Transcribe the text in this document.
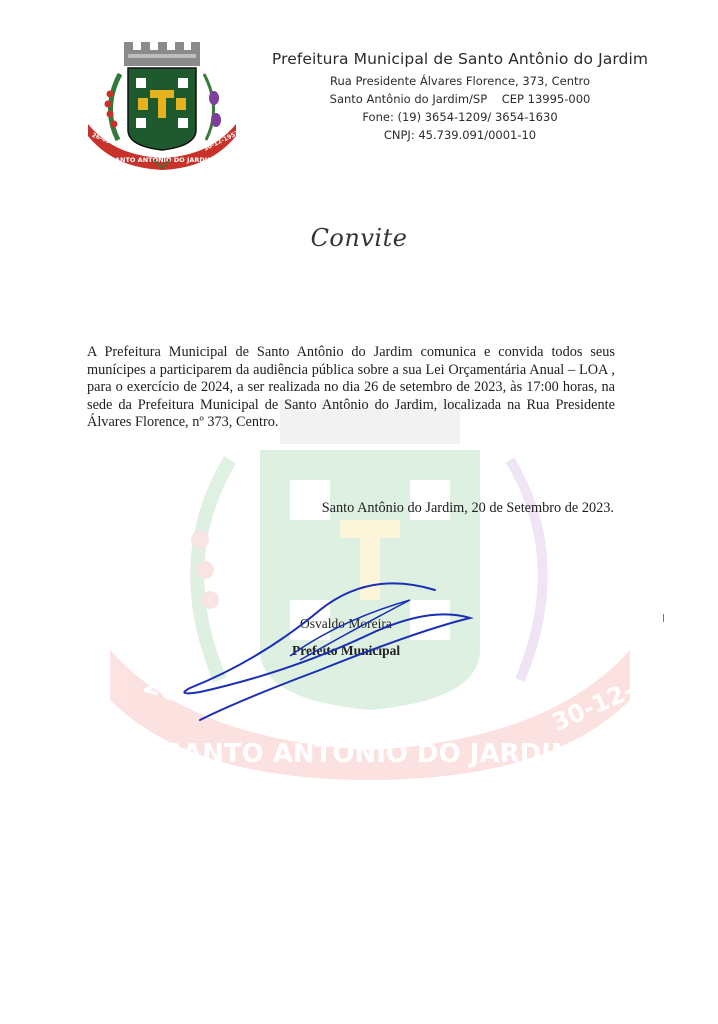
26-03-188
SANTO ANTÔNIO DO JARDIM
30-12-1953
26-03-1881
SANTO ANTÔNIO DO JARDIM
30-12-1953
Prefeitura Municipal de Santo Antônio do Jardim
Rua Presidente Álvares Florence, 373, Centro
Santo Antônio do Jardim/SP    CEP 13995-000
Fone: (19) 3654-1209/ 3654-1630
CNPJ: 45.739.091/0001-10
Convite
A Prefeitura Municipal de Santo Antônio do Jardim comunica e convida todos seus munícipes a participarem da audiência pública sobre a sua Lei Orçamentária Anual – LOA , para o exercício de 2024, a ser realizada no dia 26 de setembro de 2023, às 17:00 horas, na sede da Prefeitura Municipal de Santo Antônio do Jardim, localizada na Rua Presidente Álvares Florence, nº 373, Centro.
Santo Antônio do Jardim, 20 de Setembro de 2023.
Osvaldo Moreira
Prefeito Municipal
